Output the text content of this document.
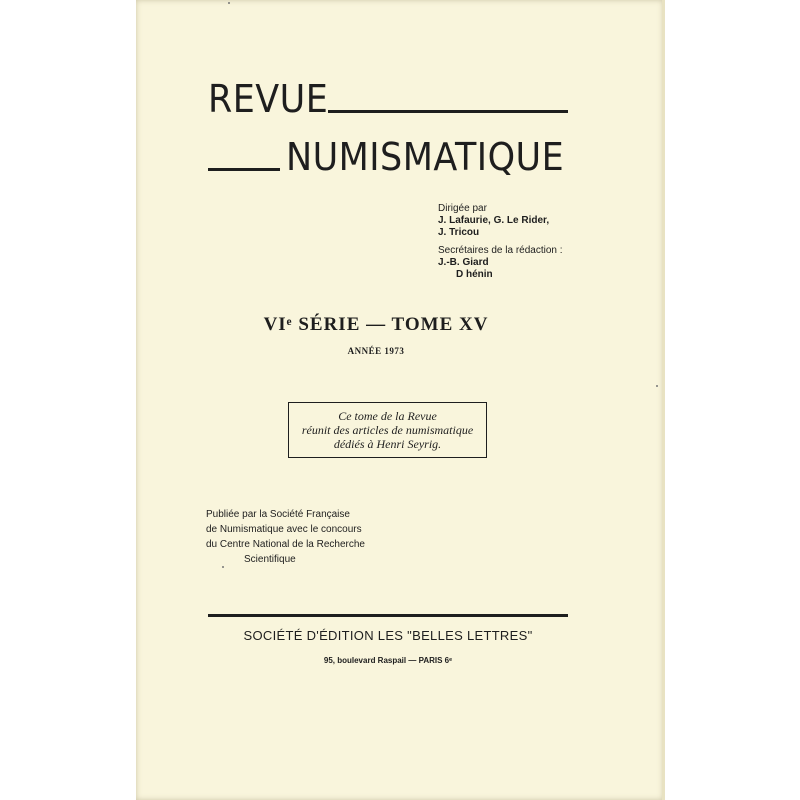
REVUE
NUMISMATIQUE
Dirigée par
J. Lafaurie, G. Le Rider,
J. Tricou
Secrétaires de la rédaction :
J.-B. Giard
D hénin
VIᵉ SÉRIE — TOME XV
ANNÉE 1973
Ce tome de la Revue
réunit des articles de numismatique
dédiés à Henri Seyrig.
Publiée par la Société Française
de Numismatique avec le concours
du Centre National de la Recherche
Scientifique
SOCIÉTÉ D'ÉDITION LES "BELLES LETTRES"
95, boulevard Raspail — PARIS 6ᵉ
